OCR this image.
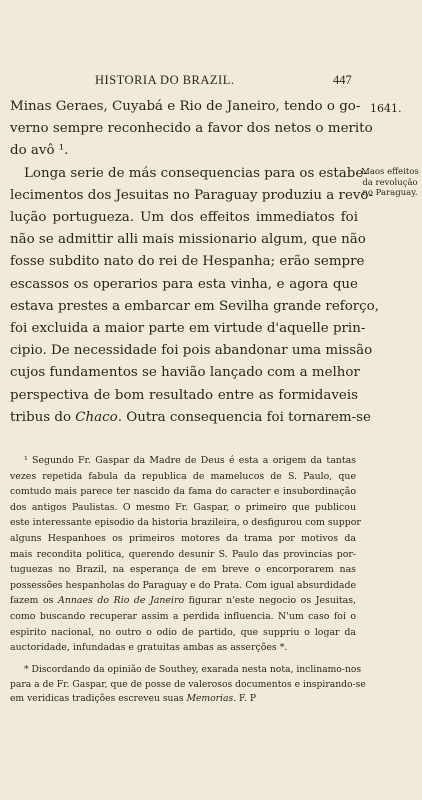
HISTORIA DO BRAZIL.	447
1641.
Maos effeitos
da revolução
no Paraguay.

Minas Geraes, Cuyabá e Rio de Janeiro, tendo o go-
verno sempre reconhecido a favor dos netos o merito
do avô ¹.

Longa serie de más consequencias para os estabe-
lecimentos dos Jesuitas no Paraguay produziu a revo-
lução portugueza. Um dos effeitos immediatos foi
não se admittir alli mais missionario algum, que não
fosse subdito nato do rei de Hespanha; erão sempre
escassos os operarios para esta vinha, e agora que
estava prestes a embarcar em Sevilha grande reforço,
foi excluida a maior parte em virtude d'aquelle prin-
cipio. De necessidade foi pois abandonar uma missão
cujos fundamentos se havião lançado com a melhor
perspectiva de bom resultado entre as formidaveis
tribus do Chaco. Outra consequencia foi tornarem-se

¹ Segundo Fr. Gaspar da Madre de Deus é esta a origem da tantas
vezes repetida fabula da republica de mamelucos de S. Paulo, que
comtudo mais parece ter nascido da fama do caracter e insubordinação
dos antigos Paulistas. O mesmo Fr. Gaspar, o primeiro que publicou
este interessante episodio da historia brazileira, o desfigurou com suppor
alguns Hespanhoes os primeiros motores da trama por motivos da
mais recondita politica, querendo desunir S. Paulo das provincias por-
tuguezas no Brazil, na esperança de em breve o encorporarem nas
possessões hespanholas do Paraguay e do Prata. Com igual absurdidade
fazem os Annaes do Rio de Janeiro figurar n'este negocio os Jesuitas,
como buscando recuperar assim a perdida influencia. N'um caso foi o
espirito nacional, no outro o odio de partido, que suppriu o logar da
auctoridade, infundadas e gratuitas ambas as asserções *.
* Discordando da opinião de Southey, exarada nesta nota, inclinamo-nos
para a de Fr. Gaspar, que de posse de valerosos documentos e inspirando-se
em veridicas tradições escreveu suas Memorias. F. P
